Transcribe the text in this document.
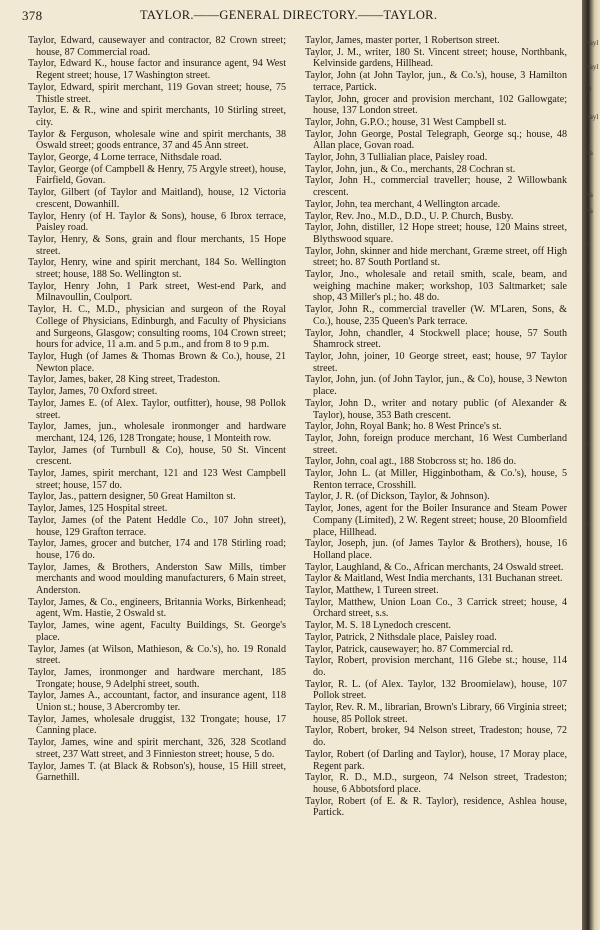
378	TAYLOR.——GENERAL DIRECTORY.——TAYLOR.

Taylor, Edward, causewayer and contractor, 82 Crown street; house, 87 Commercial road.

Taylor, Edward K., house factor and insurance agent, 94 West Regent street; house, 17 Washington street.

Taylor, Edward, spirit merchant, 119 Govan street; house, 75 Thistle street.

Taylor, E. & R., wine and spirit merchants, 10 Stirling street, city.

Taylor & Ferguson, wholesale wine and spirit merchants, 38 Oswald street; goods entrance, 37 and 45 Ann street.

Taylor, George, 4 Lorne terrace, Nithsdale road.

Taylor, George (of Campbell & Henry, 75 Argyle street), house, Fairfield, Govan.

Taylor, Gilbert (of Taylor and Maitland), house, 12 Victoria crescent, Dowanhill.

Taylor, Henry (of H. Taylor & Sons), house, 6 Ibrox terrace, Paisley road.

Taylor, Henry, & Sons, grain and flour merchants, 15 Hope street.

Taylor, Henry, wine and spirit merchant, 184 So. Wellington street; house, 188 So. Wellington st.

Taylor, Henry John, 1 Park street, West-end Park, and Milnavoullin, Coulport.

Taylor, H. C., M.D., physician and surgeon of the Royal College of Physicians, Edinburgh, and Faculty of Physicians and Surgeons, Glasgow; consulting rooms, 104 Crown street; hours for advice, 11 a.m. and 5 p.m., and from 8 to 9 p.m.

Taylor, Hugh (of James & Thomas Brown & Co.), house, 21 Newton place.

Taylor, James, baker, 28 King street, Tradeston.

Taylor, James, 70 Oxford street.

Taylor, James E. (of Alex. Taylor, outfitter), house, 98 Pollok street.

Taylor, James, jun., wholesale ironmonger and hardware merchant, 124, 126, 128 Trongate; house, 1 Monteith row.

Taylor, James (of Turnbull & Co), house, 50 St. Vincent crescent.

Taylor, James, spirit merchant, 121 and 123 West Campbell street; house, 157 do.

Taylor, Jas., pattern designer, 50 Great Hamilton st.

Taylor, James, 125 Hospital street.

Taylor, James (of the Patent Heddle Co., 107 John street), house, 129 Grafton terrace.

Taylor, James, grocer and butcher, 174 and 178 Stirling road; house, 176 do.

Taylor, James, & Brothers, Anderston Saw Mills, timber merchants and wood moulding manufacturers, 6 Main street, Anderston.

Taylor, James, & Co., engineers, Britannia Works, Birkenhead; agent, Wm. Hastie, 2 Oswald st.

Taylor, James, wine agent, Faculty Buildings, St. George's place.

Taylor, James (at Wilson, Mathieson, & Co.'s), ho. 19 Ronald street.

Taylor, James, ironmonger and hardware merchant, 185 Trongate; house, 9 Adelphi street, south.

Taylor, James A., accountant, factor, and insurance agent, 118 Union st.; house, 3 Abercromby ter.

Taylor, James, wholesale druggist, 132 Trongate; house, 17 Canning place.

Taylor, James, wine and spirit merchant, 326, 328 Scotland street, 237 Watt street, and 3 Finnieston street; house, 5 do.

Taylor, James T. (at Black & Robson's), house, 15 Hill street, Garnethill.

Taylor, James, master porter, 1 Robertson street.

Taylor, J. M., writer, 180 St. Vincent street; house, Northbank, Kelvinside gardens, Hillhead.

Taylor, John (at John Taylor, jun., & Co.'s), house, 3 Hamilton terrace, Partick.

Taylor, John, grocer and provision merchant, 102 Gallowgate; house, 137 London street.

Taylor, John, G.P.O.; house, 31 West Campbell st.

Taylor, John George, Postal Telegraph, George sq.; house, 48 Allan place, Govan road.

Taylor, John, 3 Tullialian place, Paisley road.

Taylor, John, jun., & Co., merchants, 28 Cochran st.

Taylor, John H., commercial traveller; house, 2 Willowbank crescent.

Taylor, John, tea merchant, 4 Wellington arcade.

Taylor, Rev. Jno., M.D., D.D., U. P. Church, Busby.

Taylor, John, distiller, 12 Hope street; house, 120 Mains street, Blythswood square.

Taylor, John, skinner and hide merchant, Græme street, off High street; ho. 87 South Portland st.

Taylor, Jno., wholesale and retail smith, scale, beam, and weighing machine maker; workshop, 103 Saltmarket; sale shop, 43 Miller's pl.; ho. 48 do.

Taylor, John R., commercial traveller (W. M'Laren, Sons, & Co.), house, 235 Queen's Park terrace.

Taylor, John, chandler, 4 Stockwell place; house, 57 South Shamrock street.

Taylor, John, joiner, 10 George street, east; house, 97 Taylor street.

Taylor, John, jun. (of John Taylor, jun., & Co), house, 3 Newton place.

Taylor, John D., writer and notary public (of Alexander & Taylor), house, 353 Bath crescent.

Taylor, John, Royal Bank; ho. 8 West Prince's st.

Taylor, John, foreign produce merchant, 16 West Cumberland street.

Taylor, John, coal agt., 188 Stobcross st; ho. 186 do.

Taylor, John L. (at Miller, Higginbotham, & Co.'s), house, 5 Renton terrace, Crosshill.

Taylor, J. R. (of Dickson, Taylor, & Johnson).

Taylor, Jones, agent for the Boiler Insurance and Steam Power Company (Limited), 2 W. Regent street; house, 20 Bloomfield place, Hillhead.

Taylor, Joseph, jun. (of James Taylor & Brothers), house, 16 Holland place.

Taylor, Laughland, & Co., African merchants, 24 Oswald street.

Taylor & Maitland, West India merchants, 131 Buchanan street.

Taylor, Matthew, 1 Tureen street.

Taylor, Matthew, Union Loan Co., 3 Carrick street; house, 4 Orchard street, s.s.

Taylor, M. S. 18 Lynedoch crescent.

Taylor, Patrick, 2 Nithsdale place, Paisley road.

Taylor, Patrick, causewayer; ho. 87 Commercial rd.

Taylor, Robert, provision merchant, 116 Glebe st.; house, 114 do.

Taylor, R. L. (of Alex. Taylor, 132 Broomielaw), house, 107 Pollok street.

Taylor, Rev. R. M., librarian, Brown's Library, 66 Virginia street; house, 85 Pollok street.

Taylor, Robert, broker, 94 Nelson street, Tradeston; house, 72 do.

Taylor, Robert (of Darling and Taylor), house, 17 Moray place, Regent park.

Taylor, R. D., M.D., surgeon, 74 Nelson street, Tradeston; house, 6 Abbotsford place.

Taylor, Robert (of E. & R. Taylor), residence, Ashlea house, Partick.

Tayl
S
Tayl
h
D
l
Tayl
l
Ta
b
Ta
Ta
T
T
T
T
T
